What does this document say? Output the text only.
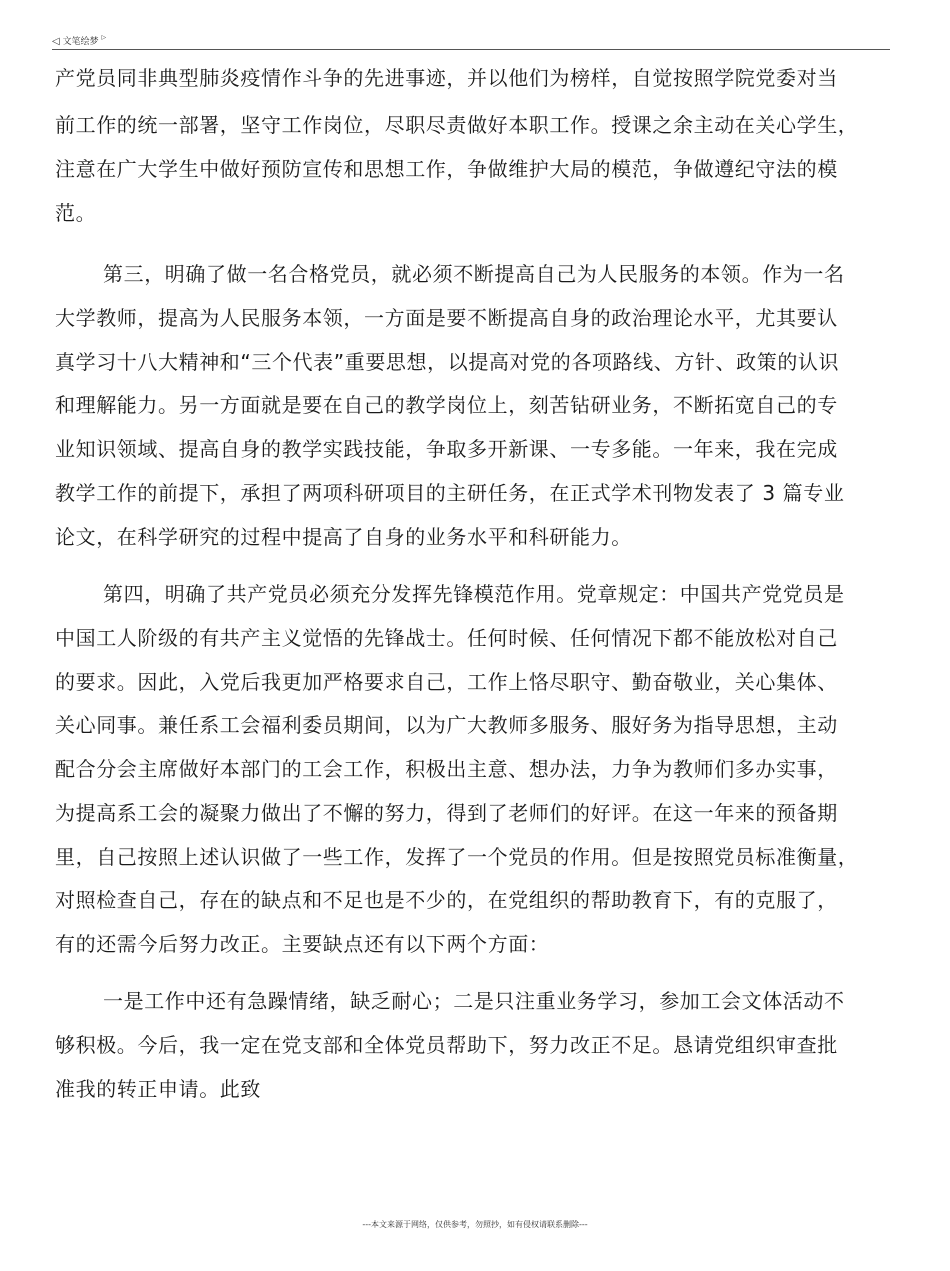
◁ 文笔绘梦 ▷
产党员同非典型肺炎疫情作斗争的先进事迹，并以他们为榜样，自觉按照学院党委对当
前工作的统一部署，坚守工作岗位，尽职尽责做好本职工作。授课之余主动在关心学生，
注意在广大学生中做好预防宣传和思想工作，争做维护大局的模范，争做遵纪守法的模
范。
第三，明确了做一名合格党员，就必须不断提高自己为人民服务的本领。作为一名
大学教师，提高为人民服务本领，一方面是要不断提高自身的政治理论水平，尤其要认
真学习十八大精神和“三个代表”重要思想，以提高对党的各项路线、方针、政策的认识
和理解能力。另一方面就是要在自己的教学岗位上，刻苦钻研业务，不断拓宽自己的专
业知识领域、提高自身的教学实践技能，争取多开新课、一专多能。一年来，我在完成
教学工作的前提下，承担了两项科研项目的主研任务，在正式学术刊物发表了 3 篇专业
论文，在科学研究的过程中提高了自身的业务水平和科研能力。
第四，明确了共产党员必须充分发挥先锋模范作用。党章规定：中国共产党党员是
中国工人阶级的有共产主义觉悟的先锋战士。任何时候、任何情况下都不能放松对自己
的要求。因此，入党后我更加严格要求自己，工作上恪尽职守、勤奋敬业，关心集体、
关心同事。兼任系工会福利委员期间，以为广大教师多服务、服好务为指导思想，主动
配合分会主席做好本部门的工会工作，积极出主意、想办法，力争为教师们多办实事，
为提高系工会的凝聚力做出了不懈的努力，得到了老师们的好评。在这一年来的预备期
里，自己按照上述认识做了一些工作，发挥了一个党员的作用。但是按照党员标准衡量，
对照检查自己，存在的缺点和不足也是不少的，在党组织的帮助教育下，有的克服了，
有的还需今后努力改正。主要缺点还有以下两个方面：
一是工作中还有急躁情绪，缺乏耐心；二是只注重业务学习，参加工会文体活动不
够积极。今后，我一定在党支部和全体党员帮助下，努力改正不足。恳请党组织审查批
准我的转正申请。此致
---本文来源于网络，仅供参考，勿照抄，如有侵权请联系删除---
